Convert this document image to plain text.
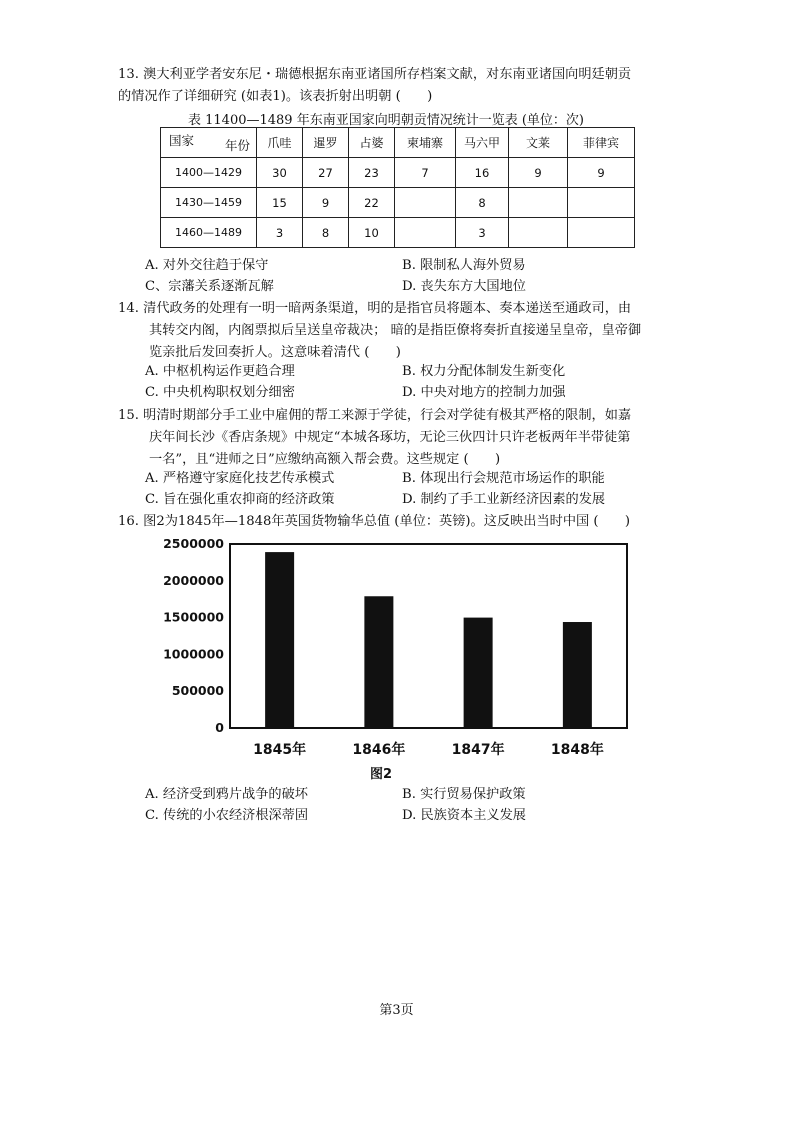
13. 澳大利亚学者安东尼・瑞德根据东南亚诸国所存档案文献，对东南亚诸国向明廷朝贡

的情况作了详细研究 (如表1)。该表折射出明朝 (　　)

表 11400—1489 年东南亚国家向明朝贡情况统计一览表 (单位：次)
国家 年份	爪哇	暹罗	占婆	柬埔寨	马六甲	文莱	菲律宾
1400—1429	30	27	23	7	16	9	9
1430—1459	15	9	22		8		
1460—1489	3	8	10		3		
A. 对外交往趋于保守	B. 限制私人海外贸易
C、宗藩关系逐渐瓦解	D. 丧失东方大国地位

14. 清代政务的处理有一明一暗两条渠道，明的是指官员将题本、奏本递送至通政司，由

其转交内阁，内阁票拟后呈送皇帝裁决； 暗的是指臣僚将奏折直接递呈皇帝，皇帝御

览亲批后发回奏折人。这意味着清代 (　　)

A. 中枢机构运作更趋合理	B. 权力分配体制发生新变化
C. 中央机构职权划分细密	D. 中央对地方的控制力加强

15. 明清时期部分手工业中雇佣的帮工来源于学徒，行会对学徒有极其严格的限制，如嘉

庆年间长沙《香店条规》中规定“本城各琢坊，无论三伙四计只许老板两年半带徒第

一名”，且“进师之日”应缴纳高额入帮会费。这些规定 (　　)

A. 严格遵守家庭化技艺传承模式	B. 体现出行会规范市场运作的职能
C. 旨在强化重农抑商的经济政策	D. 制约了手工业新经济因素的发展

16. 图2为1845年—1848年英国货物输华总值 (单位：英镑)。这反映出当时中国 (　　)

0
500000
1000000
1500000
2000000
2500000
1845年	1846年	1847年	1848年
图2
A. 经济受到鸦片战争的破坏	B. 实行贸易保护政策
C. 传统的小农经济根深蒂固	D. 民族资本主义发展
第3页
